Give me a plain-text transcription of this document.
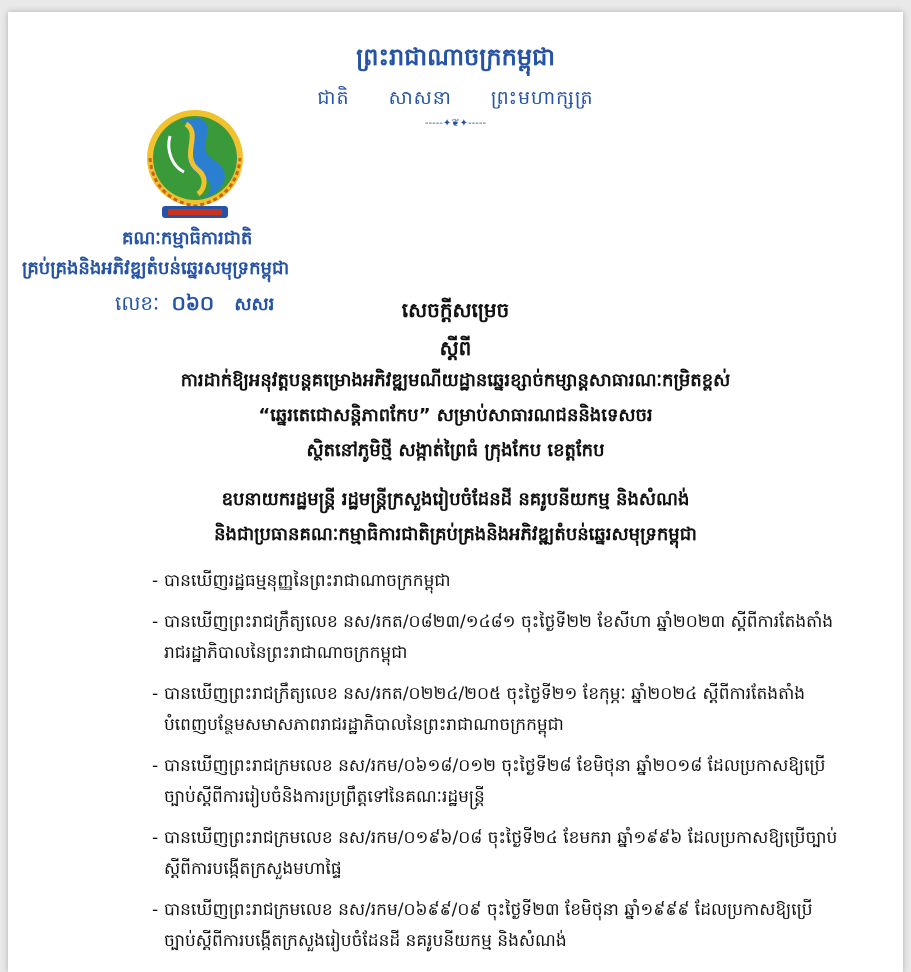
ព្រះរាជាណាចក្រកម្ពុជា
ជាតិ សាសនា ព្រះមហាក្សត្រ
-----✦❦✦-----
គណៈកម្មាធិការជាតិ
គ្រប់គ្រងនិងអភិវឌ្ឍតំបន់ឆ្នេរសមុទ្រកម្ពុជា
លេខៈ ០៦០ សសរ	សេចក្ដីសម្រេច
ស្ដីពី
ការដាក់ឱ្យអនុវត្តបន្តគម្រោងអភិវឌ្ឍមណីយដ្ឋានឆ្នេរខ្សាច់កម្សាន្តសាធារណៈកម្រិតខ្ពស់
“ឆ្នេរតេជោសន្តិភាពកែប” សម្រាប់សាធារណជននិងទេសចរ
ស្ថិតនៅភូមិថ្មី សង្កាត់ព្រៃធំ ក្រុងកែប ខេត្តកែប
ឧបនាយករដ្ឋមន្ត្រី រដ្ឋមន្ត្រីក្រសួងរៀបចំដែនដី នគរូបនីយកម្ម និងសំណង់
និងជាប្រធានគណៈកម្មាធិការជាតិគ្រប់គ្រងនិងអភិវឌ្ឍតំបន់ឆ្នេរសមុទ្រកម្ពុជា
- បានឃើញរដ្ឋធម្មនុញ្ញនៃព្រះរាជាណាចក្រកម្ពុជា
- បានឃើញព្រះរាជក្រឹត្យលេខ នស/រកត/០៨២៣/១៤៨១ ចុះថ្ងៃទី២២ ខែសីហា ឆ្នាំ២០២៣ ស្ដីពីការតែងតាំងរាជរដ្ឋាភិបាលនៃព្រះរាជាណាចក្រកម្ពុជា
- បានឃើញព្រះរាជក្រឹត្យលេខ នស/រកត/០២២៤/២០៥ ចុះថ្ងៃទី២១ ខែកុម្ភៈ ឆ្នាំ២០២៤ ស្ដីពីការតែងតាំងបំពេញបន្ថែមសមាសភាពរាជរដ្ឋាភិបាលនៃព្រះរាជាណាចក្រកម្ពុជា
- បានឃើញព្រះរាជក្រមលេខ នស/រកម/០៦១៨/០១២ ចុះថ្ងៃទី២៨ ខែមិថុនា ឆ្នាំ២០១៨ ដែលប្រកាសឱ្យប្រើច្បាប់ស្ដីពីការរៀបចំនិងការប្រព្រឹត្តទៅនៃគណៈរដ្ឋមន្ត្រី
- បានឃើញព្រះរាជក្រមលេខ នស/រកម/០១៩៦/០៨ ចុះថ្ងៃទី២៤ ខែមករា ឆ្នាំ១៩៩៦ ដែលប្រកាសឱ្យប្រើច្បាប់ស្ដីពីការបង្កើតក្រសួងមហាផ្ទៃ
- បានឃើញព្រះរាជក្រមលេខ នស/រកម/០៦៩៩/០៩ ចុះថ្ងៃទី២៣ ខែមិថុនា ឆ្នាំ១៩៩៩ ដែលប្រកាសឱ្យប្រើច្បាប់ស្ដីពីការបង្កើតក្រសួងរៀបចំដែនដី នគរូបនីយកម្ម និងសំណង់
